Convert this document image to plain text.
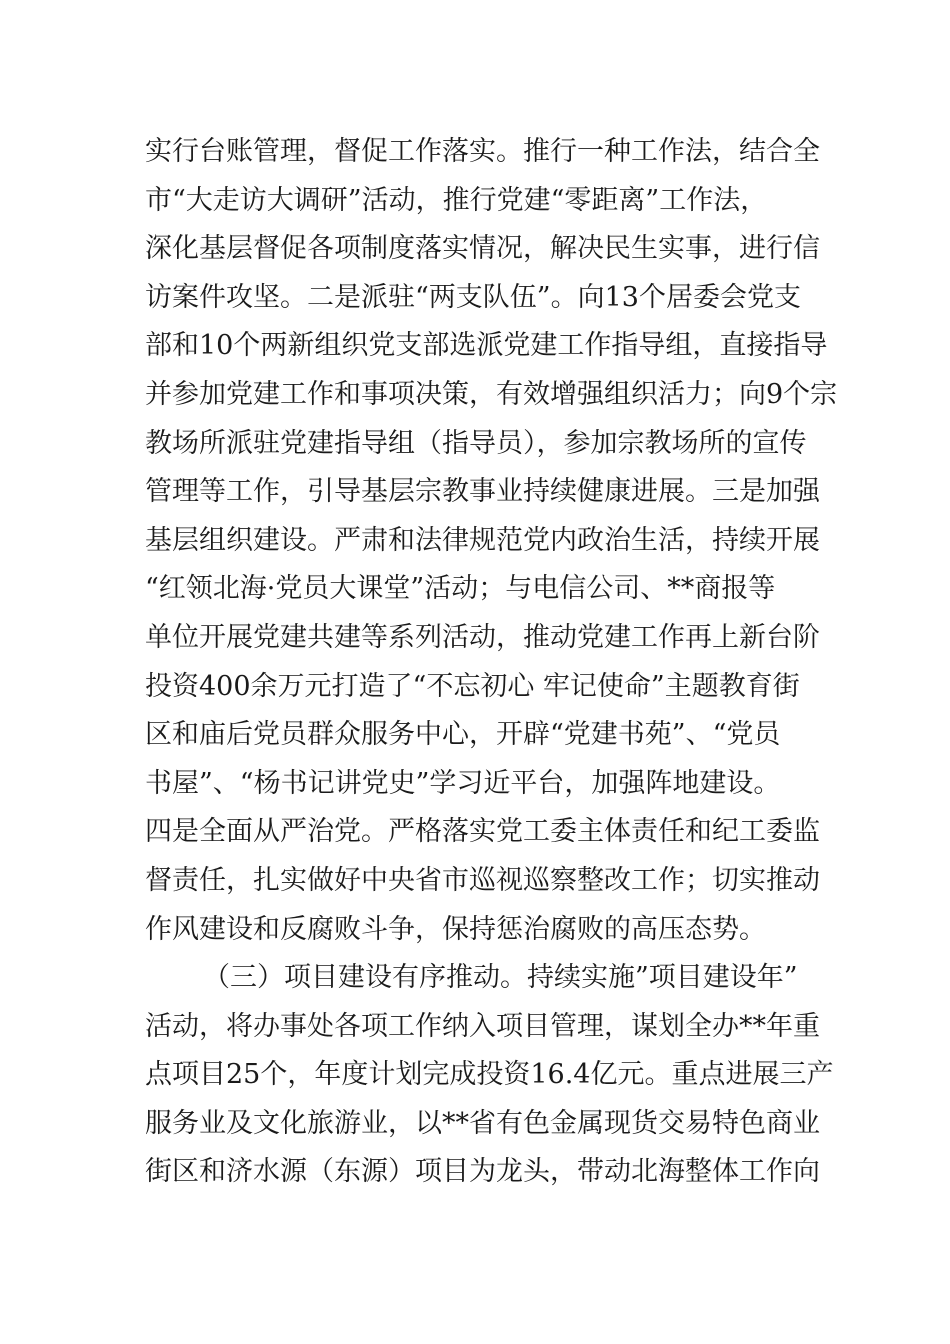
实行台账管理，督促工作落实。推行一种工作法，结合全
市“大走访大调研”活动，推行党建“零距离”工作法，
深化基层督促各项制度落实情况，解决民生实事，进行信
访案件攻坚。二是派驻“两支队伍”。向13个居委会党支
部和10个两新组织党支部选派党建工作指导组，直接指导
并参加党建工作和事项决策，有效增强组织活力；向9个宗
教场所派驻党建指导组（指导员），参加宗教场所的宣传
管理等工作，引导基层宗教事业持续健康进展。三是加强
基层组织建设。严肃和法律规范党内政治生活，持续开展
“红领北海·党员大课堂”活动；与电信公司、**商报等
单位开展党建共建等系列活动，推动党建工作再上新台阶
投资400余万元打造了“不忘初心 牢记使命”主题教育街
区和庙后党员群众服务中心，开辟“党建书苑”、“党员
书屋”、“杨书记讲党史”学习近平台，加强阵地建设。
四是全面从严治党。严格落实党工委主体责任和纪工委监
督责任，扎实做好中央省市巡视巡察整改工作；切实推动
作风建设和反腐败斗争，保持惩治腐败的高压态势。
（三）项目建设有序推动。持续实施”项目建设年”
活动，将办事处各项工作纳入项目管理，谋划全办**年重
点项目25个，年度计划完成投资16.4亿元。重点进展三产
服务业及文化旅游业，以**省有色金属现货交易特色商业
街区和济水源（东源）项目为龙头，带动北海整体工作向
